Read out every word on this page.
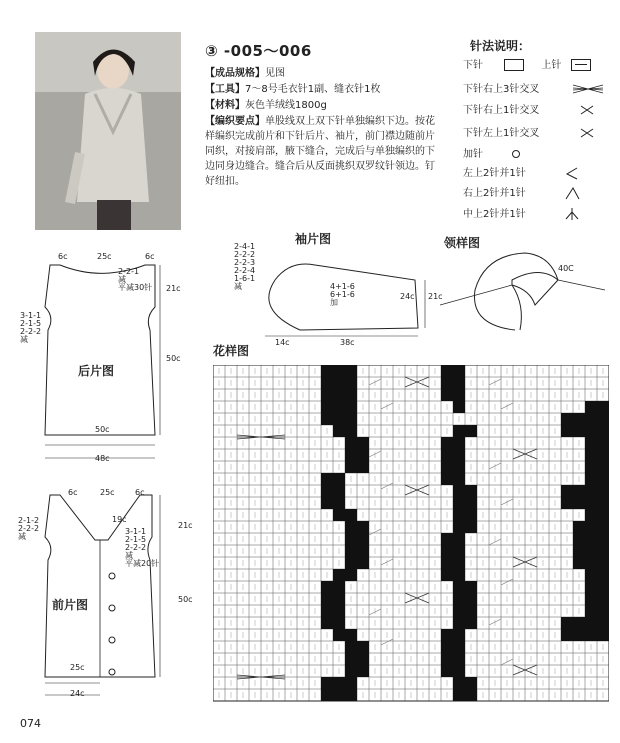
③ -005～006
【成品规格】见图
【工具】7～8号毛衣针1副、缝衣针1枚
【材料】灰色羊绒线1800g
【编织要点】单股线双上双下针单独编织下边。按花样编织完成前片和下针后片、袖片，前门襟边随前片同织，对接肩部，腋下缝合，完成后与单独编织的下边同身边缝合。缝合后从反面挑织双罗纹针领边。钉好纽扣。
针法说明：
下针	上针
下针右上3针交叉
下针右上1针交叉
下针左上1针交叉
加针
左上2针并1针
右上2针并1针
中上2针并1针
6c	25c	6c
2-2-1
减
平减30针
3-1-1
2-1-5
2-2-2
减
21c
50c
后片图
50c
48c
6c	25c	6c
19c
2-1-2
2-2-2
减
3-1-1
2-1-5
2-2-2
减
平减20针
21c
50c
前片图
25c
24c
袖片图
2-4-1
2-2-2
2-2-3
2-2-4
1-6-1
减	4+1-6
6+1-6
加
24c 21c
14c	38c
领样图
40C
花样图
074
